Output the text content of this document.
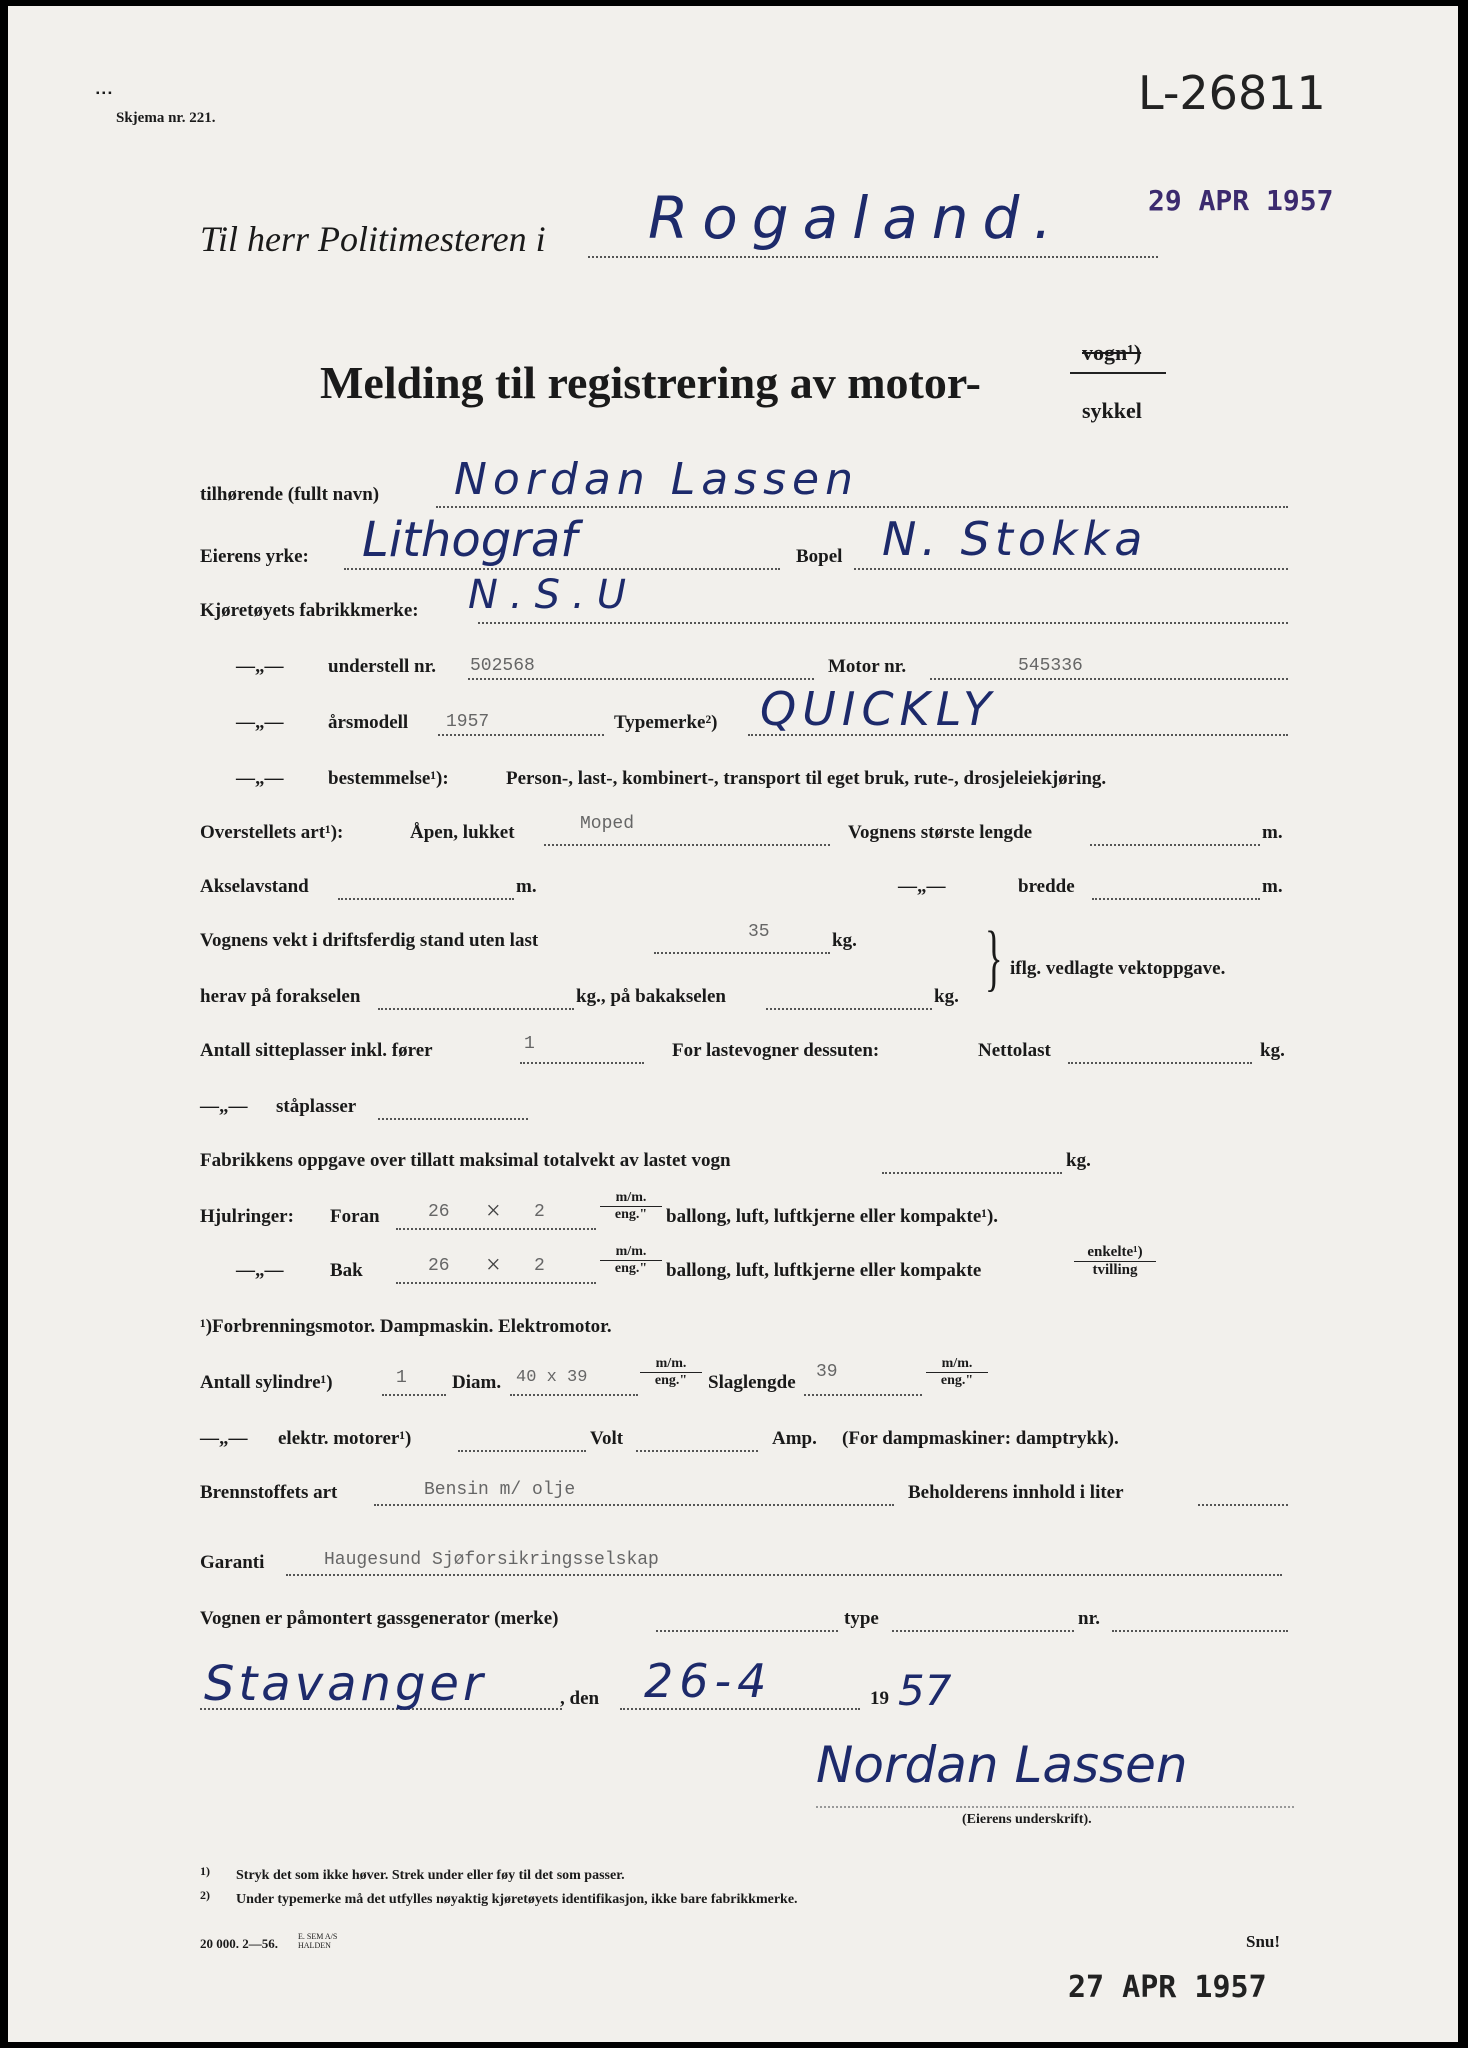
▪ ▪ ▪
Skjema nr. 221.	L-26811
29 APR 1957
Til herr Politimesteren i Rogaland.
Melding til registrering av motor-
vogn¹)
sykkel
tilhørende (fullt navn) Nordan Lassen
Eierens yrke: Lithograf	Bopel N. Stokka
Kjøretøyets fabrikkmerke: N.S.U
—„— understell nr. 502568	Motor nr.	545336
—„— årsmodell 1957	Typemerke²) QUICKLY
—„— bestemmelse¹):	Person-, last-, kombinert-, transport til eget bruk, rute-, drosjeleiekjøring.
Overstellets art¹):	Åpen, lukket	Moped	Vognens største lengde	m.
Akselavstand	m.	—„—	bredde	m.
Vognens vekt i driftsferdig stand uten last	35	kg. } iflg. vedlagte vektoppgave.
herav på forakselen	kg., på bakakselen	kg.
Antall sitteplasser inkl. fører	1	For lastevogner dessuten:	Nettolast	kg.
—„— ståplasser
Fabrikkens oppgave over tillatt maksimal totalvekt av lastet vogn	kg.
Hjulringer: Foran	26 × 2
m/m.
eng." ballong, luft, luftkjerne eller kompakte¹).
—„— Bak	26 × 2
m/m.
eng." ballong, luft, luftkjerne eller kompakte
enkelte¹)
tvilling
¹)Forbrenningsmotor. Dampmaskin. Elektromotor.
Antall sylindre¹)	1 Diam. 40 x 39
m/m.
eng."	Slaglengde 39	m/m.
eng."
—„— elektr. motorer¹)	Volt	Amp. (For dampmaskiner: damptrykk).
Brennstoffets art	Bensin m/ olje	Beholderens innhold i liter
Garanti	Haugesund Sjøforsikringsselskap
Vognen er påmontert gassgenerator (merke)	type	nr.
Stavanger	, den 26-4	19 57
Nordan Lassen
(Eierens underskrift).
1) Stryk det som ikke høver. Strek under eller føy til det som passer.
2) Under typemerke må det utfylles nøyaktig kjøretøyets identifikasjon, ikke bare fabrikkmerke.
20 000. 2—56.	E. SEM A/S HALDEN	Snu!
27 APR 1957
